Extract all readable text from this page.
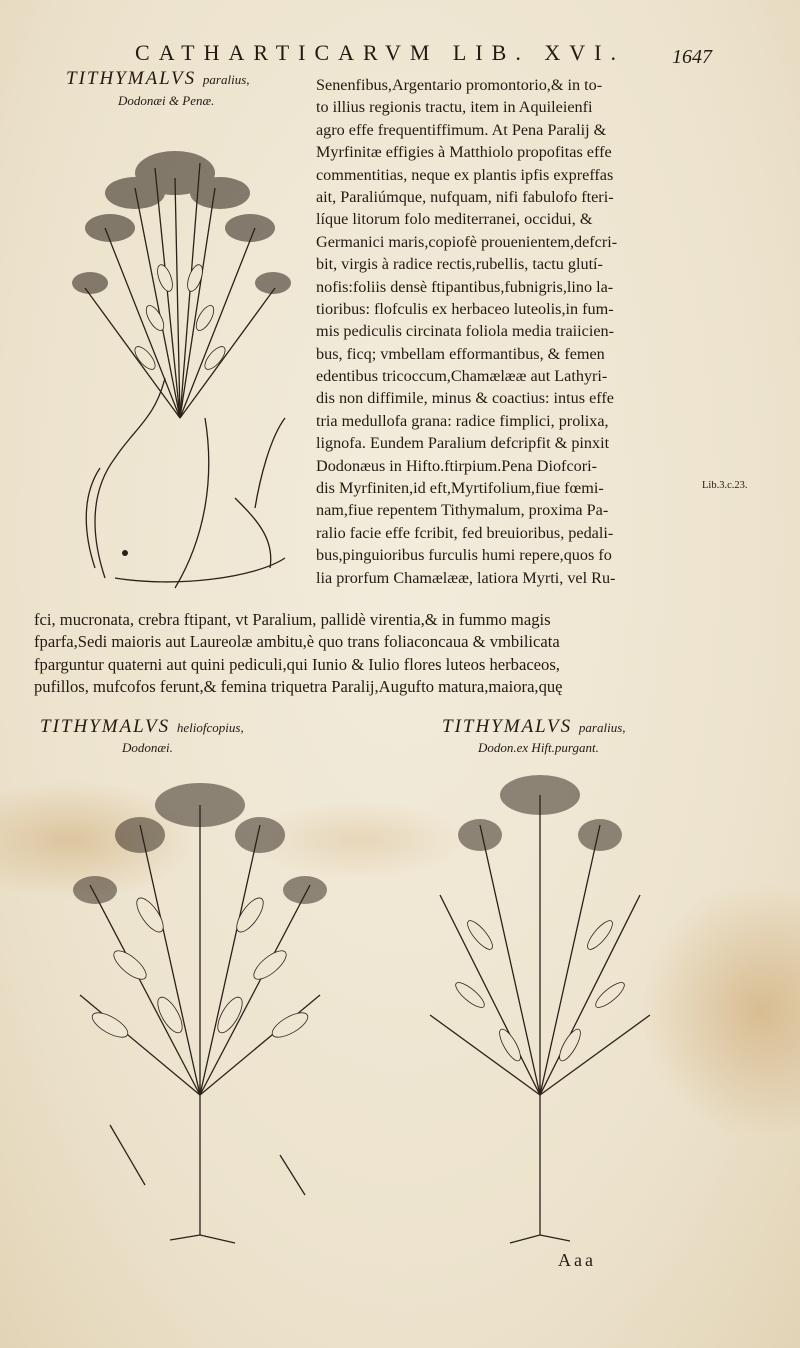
CATHARTICARVM LIB. XVI. 1647
TITHYMALVS paralius,
Dodonæi & Penæ.
Senenfibus,Argentario promontorio,& in to-
to illius regionis tractu, item in Aquileienfi
agro effe frequentiffimum. At Pena Paralij &
Myrfinitæ effigies à Matthiolo propofitas effe
commentitias, neque ex plantis ipfis expreffas
ait, Paraliúmque, nufquam, nifi fabulofo fteri-
líque litorum folo mediterranei, occidui, &
Germanici maris,copiofè prouenientem,defcri-
bit, virgis à radice rectis,rubellis, tactu glutí-
nofis:foliis densè ftipantibus,fubnigris,lino la-
tioribus: flofculis ex herbaceo luteolis,in fum-
mis pediculis circinata foliola media traiicien-
bus, ficq; vmbellam efformantibus, & femen
edentibus tricoccum,Chamælææ aut Lathyri-
dis non diffimile, minus & coactius: intus effe
tria medullofa grana: radice fimplici, prolixa,
lignofa. Eundem Paralium defcripfit & pinxit
Dodonæus in Hifto.ftirpium.Pena Diofcori-
dis Myrfiniten,id eft,Myrtifolium,fiue fœmi-
nam,fiue repentem Tithymalum, proxima Pa-
ralio facie effe fcribit, fed breuioribus, pedali-
bus,pinguioribus furculis humi repere,quos fo
lia prorfum Chamælææ, latiora Myrti, vel Ru-
Lib.3.c.23.
fci, mucronata, crebra ftipant, vt Paralium, pallidè virentia,& in fummo magis
fparfa,Sedi maioris aut Laureolæ ambitu,è quo trans foliaconcaua & vmbilicata
fparguntur quaterni aut quini pediculi,qui Iunio & Iulio flores luteos herbaceos,
pufillos, mufcofos ferunt,& femina triquetra Paralij,Augufto matura,maiora,quę
TITHYMALVS heliofcopius,
Dodonæi.
TITHYMALVS paralius,
Dodon.ex Hift.purgant.
Aaa
